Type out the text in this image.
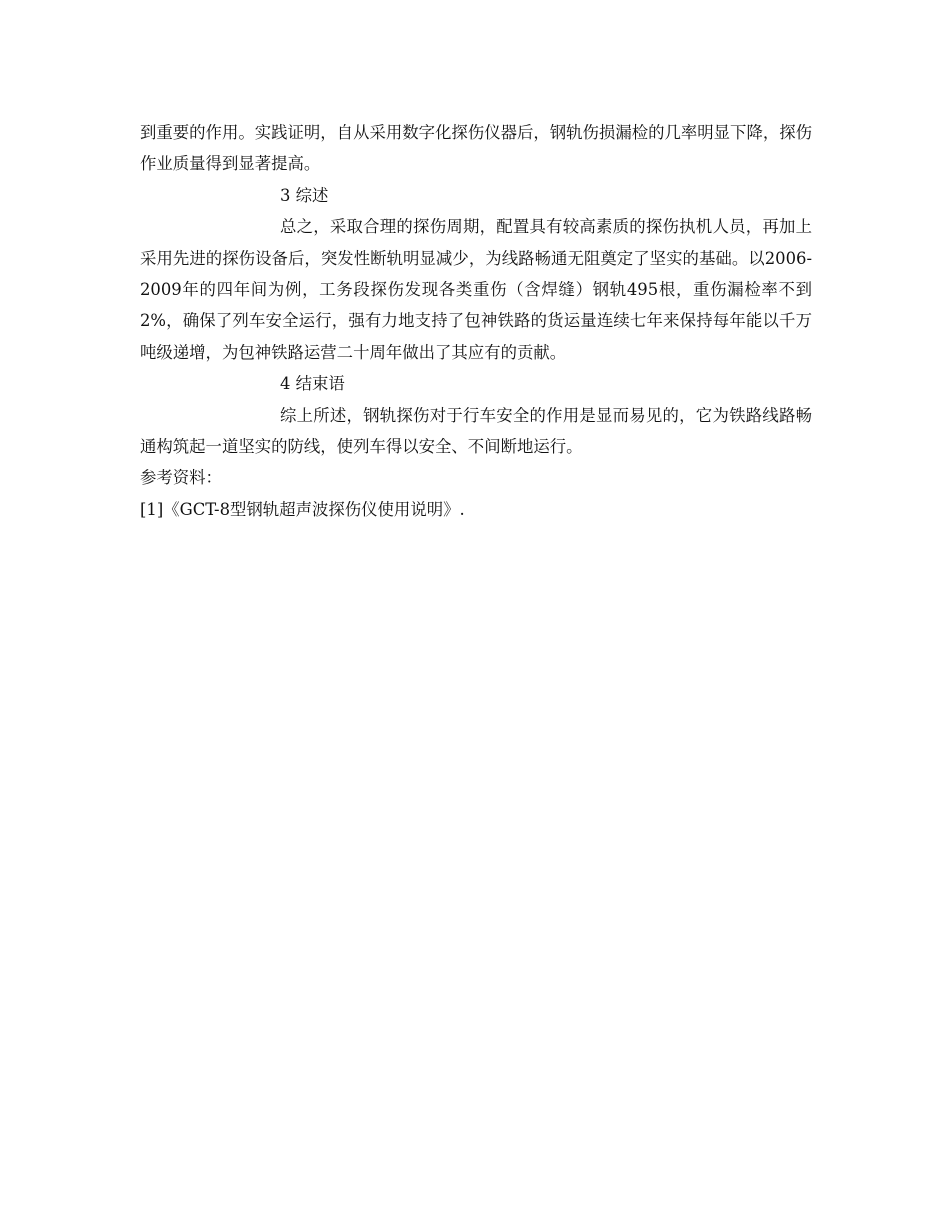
到重要的作用。实践证明，自从采用数字化探伤仪器后，钢轨伤损漏检的几率明显下降，探伤作业质量得到显著提高。

3 综述

总之，采取合理的探伤周期，配置具有较高素质的探伤执机人员，再加上采用先进的探伤设备后，突发性断轨明显减少，为线路畅通无阻奠定了坚实的基础。以2006-2009年的四年间为例，工务段探伤发现各类重伤（含焊缝）钢轨495根，重伤漏检率不到2%，确保了列车安全运行，强有力地支持了包神铁路的货运量连续七年来保持每年能以千万吨级递增，为包神铁路运营二十周年做出了其应有的贡献。

4 结束语

综上所述，钢轨探伤对于行车安全的作用是显而易见的，它为铁路线路畅通构筑起一道坚实的防线，使列车得以安全、不间断地运行。

参考资料：

[1]《GCT-8型钢轨超声波探伤仪使用说明》.
